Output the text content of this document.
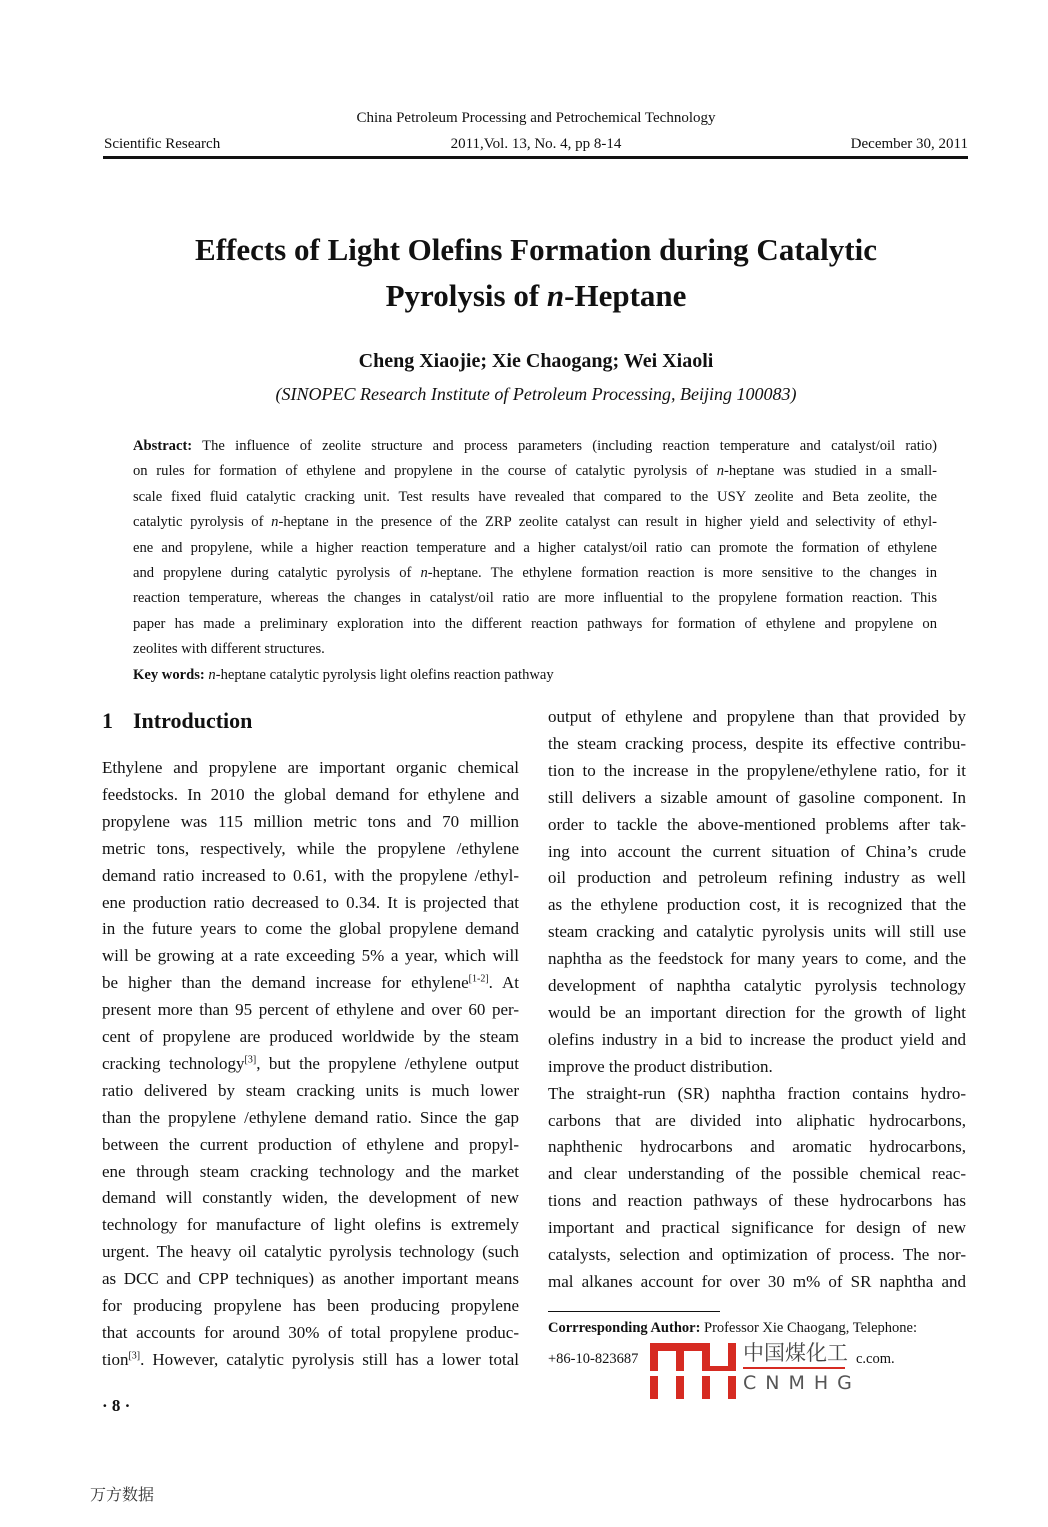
China Petroleum Processing and Petrochemical Technology
Scientific Research	2011,Vol. 13, No. 4, pp 8-14	December 30, 2011
Effects of Light Olefins Formation during Catalytic
Pyrolysis of n-Heptane
Cheng Xiaojie; Xie Chaogang; Wei Xiaoli
(SINOPEC Research Institute of Petroleum Processing, Beijing 100083)
Abstract: The influence of zeolite structure and process parameters (including reaction temperature and catalyst/oil ratio)
on rules for formation of ethylene and propylene in the course of catalytic pyrolysis of n-heptane was studied in a small-
scale fixed fluid catalytic cracking unit. Test results have revealed that compared to the USY zeolite and Beta zeolite, the
catalytic pyrolysis of n-heptane in the presence of the ZRP zeolite catalyst can result in higher yield and selectivity of ethyl-
ene and propylene, while a higher reaction temperature and a higher catalyst/oil ratio can promote the formation of ethylene
and propylene during catalytic pyrolysis of n-heptane. The ethylene formation reaction is more sensitive to the changes in
reaction temperature, whereas the changes in catalyst/oil ratio are more influential to the propylene formation reaction. This
paper has made a preliminary exploration into the different reaction pathways for formation of ethylene and propylene on
zeolites with different structures.
Key words: n-heptane catalytic pyrolysis light olefins reaction pathway
1 Introduction
Ethylene and propylene are important organic chemical
feedstocks. In 2010 the global demand for ethylene and
propylene was 115 million metric tons and 70 million
metric tons, respectively, while the propylene /ethylene
demand ratio increased to 0.61, with the propylene /ethyl-
ene production ratio decreased to 0.34. It is projected that
in the future years to come the global propylene demand
will be growing at a rate exceeding 5% a year, which will
be higher than the demand increase for ethylene[1-2]. At
present more than 95 percent of ethylene and over 60 per-
cent of propylene are produced worldwide by the steam
cracking technology[3], but the propylene /ethylene output
ratio delivered by steam cracking units is much lower
than the propylene /ethylene demand ratio. Since the gap
between the current production of ethylene and propyl-
ene through steam cracking technology and the market
demand will constantly widen, the development of new
technology for manufacture of light olefins is extremely
urgent. The heavy oil catalytic pyrolysis technology (such
as DCC and CPP techniques) as another important means
for producing propylene has been producing propylene
that accounts for around 30% of total propylene produc-
tion[3]. However, catalytic pyrolysis still has a lower total
output of ethylene and propylene than that provided by
the steam cracking process, despite its effective contribu-
tion to the increase in the propylene/ethylene ratio, for it
still delivers a sizable amount of gasoline component. In
order to tackle the above-mentioned problems after tak-
ing into account the current situation of China’s crude
oil production and petroleum refining industry as well
as the ethylene production cost, it is recognized that the
steam cracking and catalytic pyrolysis units will still use
naphtha as the feedstock for many years to come, and the
development of naphtha catalytic pyrolysis technology
would be an important direction for the growth of light
olefins industry in a bid to increase the product yield and
improve the product distribution.
The straight-run (SR) naphtha fraction contains hydro-
carbons that are divided into aliphatic hydrocarbons,
naphthenic hydrocarbons and aromatic hydrocarbons,
and clear understanding of the possible chemical reac-
tions and reaction pathways of these hydrocarbons has
important and practical significance for design of new
catalysts, selection and optimization of process. The nor-
mal alkanes account for over 30 m% of SR naphtha and
Corrresponding Author: Professor Xie Chaogang, Telephone:
中国煤化工
CNMHG
+86-10-823687	c.com.
· 8 ·
万方数据
